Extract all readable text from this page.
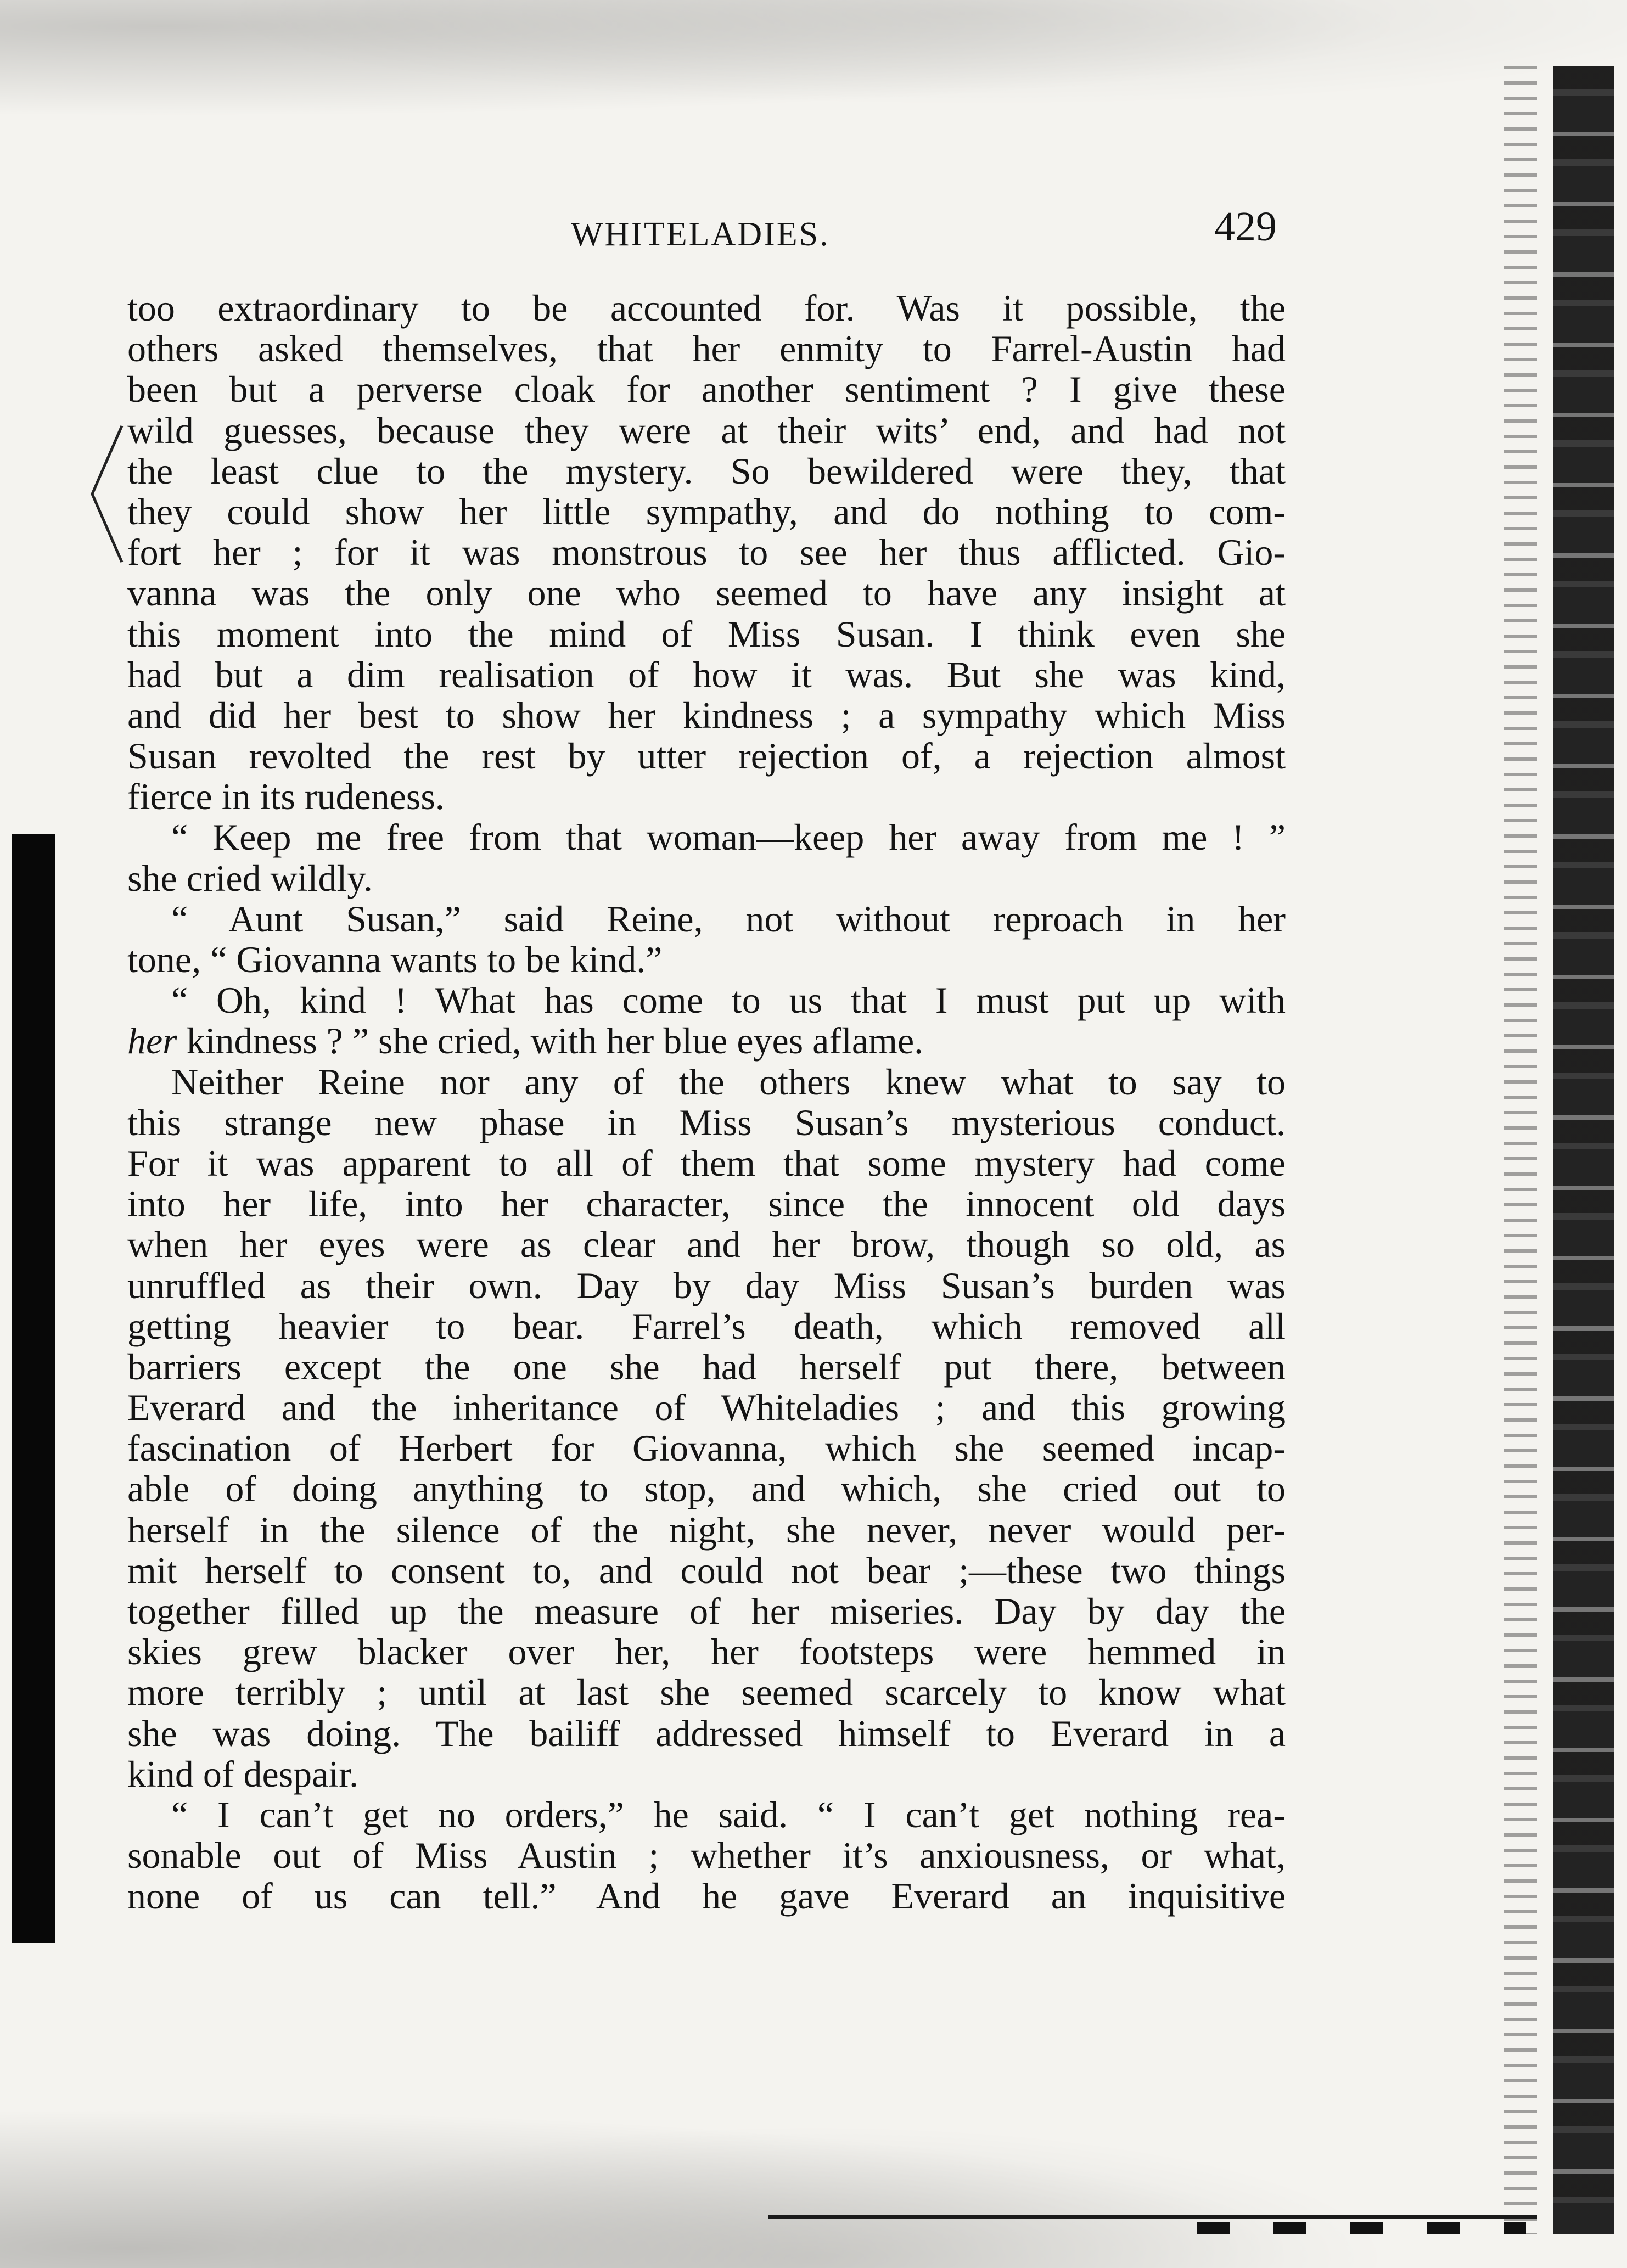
WHITELADIES.	429
too extraordinary to be accounted for. Was it possible, the
others asked themselves, that her enmity to Farrel-Austin had
been but a perverse cloak for another sentiment ? I give these
wild guesses, because they were at their wits’ end, and had not
the least clue to the mystery. So bewildered were they, that
they could show her little sympathy, and do nothing to com-
fort her ; for it was monstrous to see her thus afflicted. Gio-
vanna was the only one who seemed to have any insight at
this moment into the mind of Miss Susan. I think even she
had but a dim realisation of how it was. But she was kind,
and did her best to show her kindness ; a sympathy which Miss
Susan revolted the rest by utter rejection of, a rejection almost
fierce in its rudeness.
“ Keep me free from that woman—keep her away from me ! ”
she cried wildly.
“ Aunt Susan,” said Reine, not without reproach in her
tone, “ Giovanna wants to be kind.”
“ Oh, kind ! What has come to us that I must put up with
her kindness ? ” she cried, with her blue eyes aflame.
Neither Reine nor any of the others knew what to say to
this strange new phase in Miss Susan’s mysterious conduct.
For it was apparent to all of them that some mystery had come
into her life, into her character, since the innocent old days
when her eyes were as clear and her brow, though so old, as
unruffled as their own. Day by day Miss Susan’s burden was
getting heavier to bear. Farrel’s death, which removed all
barriers except the one she had herself put there, between
Everard and the inheritance of Whiteladies ; and this growing
fascination of Herbert for Giovanna, which she seemed incap-
able of doing anything to stop, and which, she cried out to
herself in the silence of the night, she never, never would per-
mit herself to consent to, and could not bear ;—these two things
together filled up the measure of her miseries. Day by day the
skies grew blacker over her, her footsteps were hemmed in
more terribly ; until at last she seemed scarcely to know what
she was doing. The bailiff addressed himself to Everard in a
kind of despair.
“ I can’t get no orders,” he said. “ I can’t get nothing rea-
sonable out of Miss Austin ; whether it’s anxiousness, or what,
none of us can tell.” And he gave Everard an inquisitive
